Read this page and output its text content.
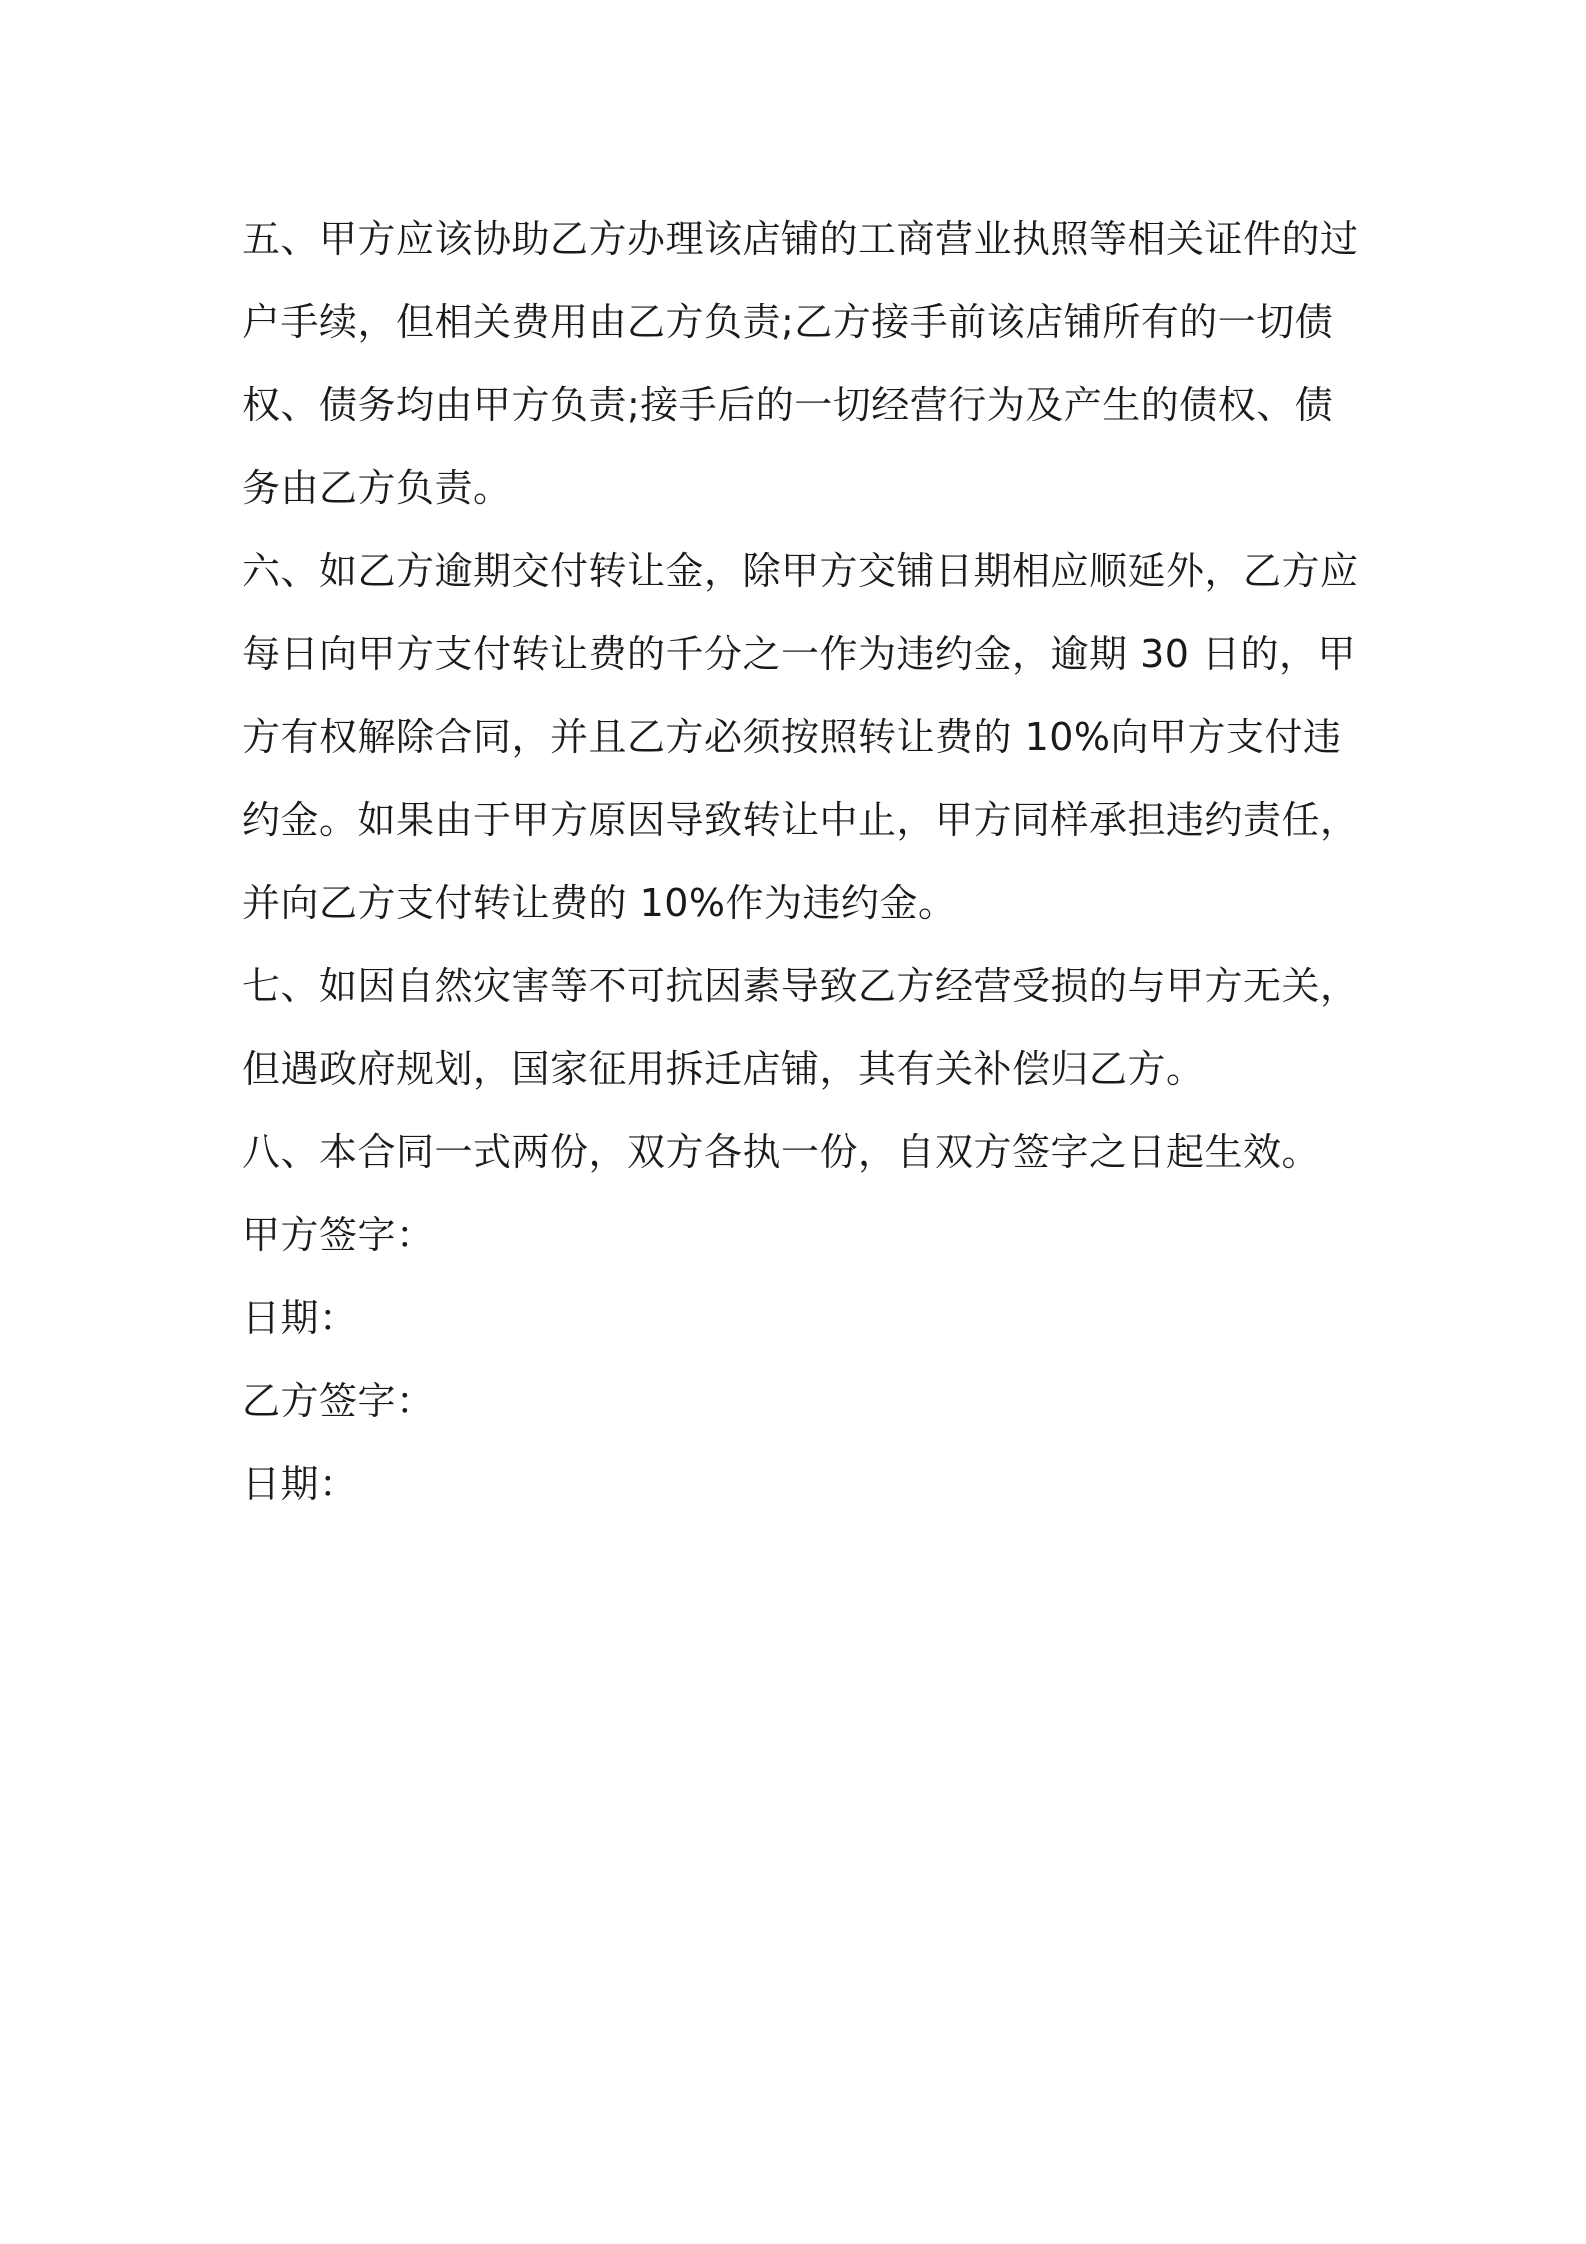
五、甲方应该协助乙方办理该店铺的工商营业执照等相关证件的过户手续，但相关费用由乙方负责;乙方接手前该店铺所有的一切债权、债务均由甲方负责;接手后的一切经营行为及产生的债权、债务由乙方负责。

六、如乙方逾期交付转让金，除甲方交铺日期相应顺延外，乙方应每日向甲方支付转让费的千分之一作为违约金，逾期 30 日的，甲方有权解除合同，并且乙方必须按照转让费的 10%向甲方支付违约金。如果由于甲方原因导致转让中止，甲方同样承担违约责任，并向乙方支付转让费的 10%作为违约金。

七、如因自然灾害等不可抗因素导致乙方经营受损的与甲方无关，但遇政府规划，国家征用拆迁店铺，其有关补偿归乙方。

八、本合同一式两份，双方各执一份，自双方签字之日起生效。

甲方签字：

日期：

乙方签字：

日期：
